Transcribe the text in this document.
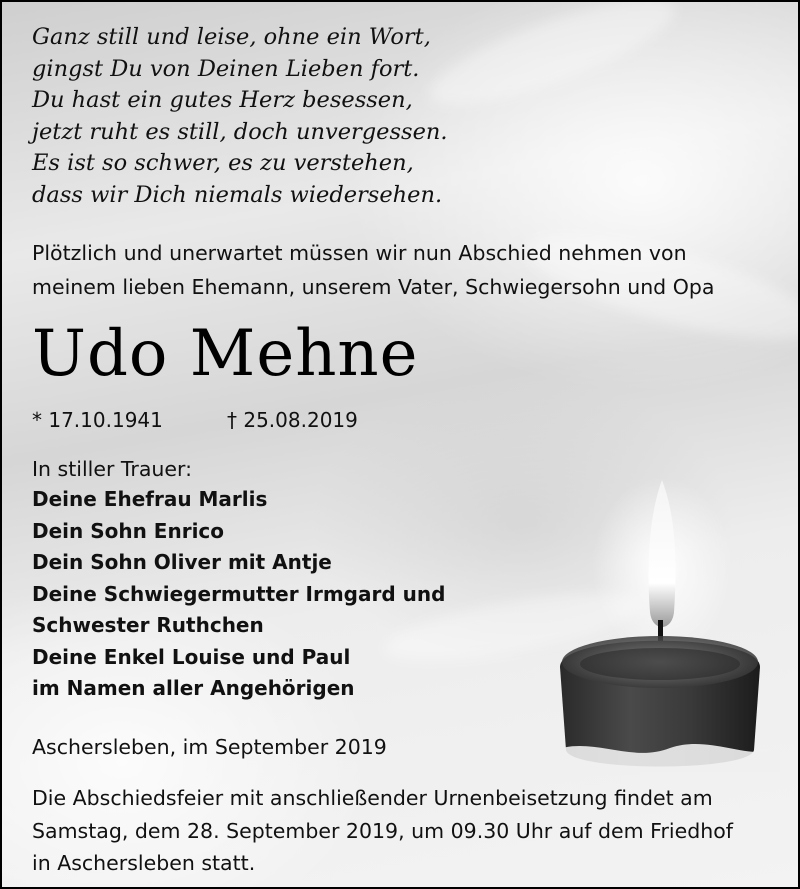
Ganz still und leise, ohne ein Wort,
gingst Du von Deinen Lieben fort.
Du hast ein gutes Herz besessen,
jetzt ruht es still, doch unvergessen.
Es ist so schwer, es zu verstehen,
dass wir Dich niemals wiedersehen.
Plötzlich und unerwartet müssen wir nun Abschied nehmen von
meinem lieben Ehemann, unserem Vater, Schwiegersohn und Opa
Udo Mehne
* 17.10.1941	† 25.08.2019
In stiller Trauer:
Deine Ehefrau Marlis
Dein Sohn Enrico
Dein Sohn Oliver mit Antje
Deine Schwiegermutter Irmgard und
Schwester Ruthchen
Deine Enkel Louise und Paul
im Namen aller Angehörigen
Aschersleben, im September 2019
Die Abschiedsfeier mit anschließender Urnenbeisetzung findet am
Samstag, dem 28. September 2019, um 09.30 Uhr auf dem Friedhof
in Aschersleben statt.
